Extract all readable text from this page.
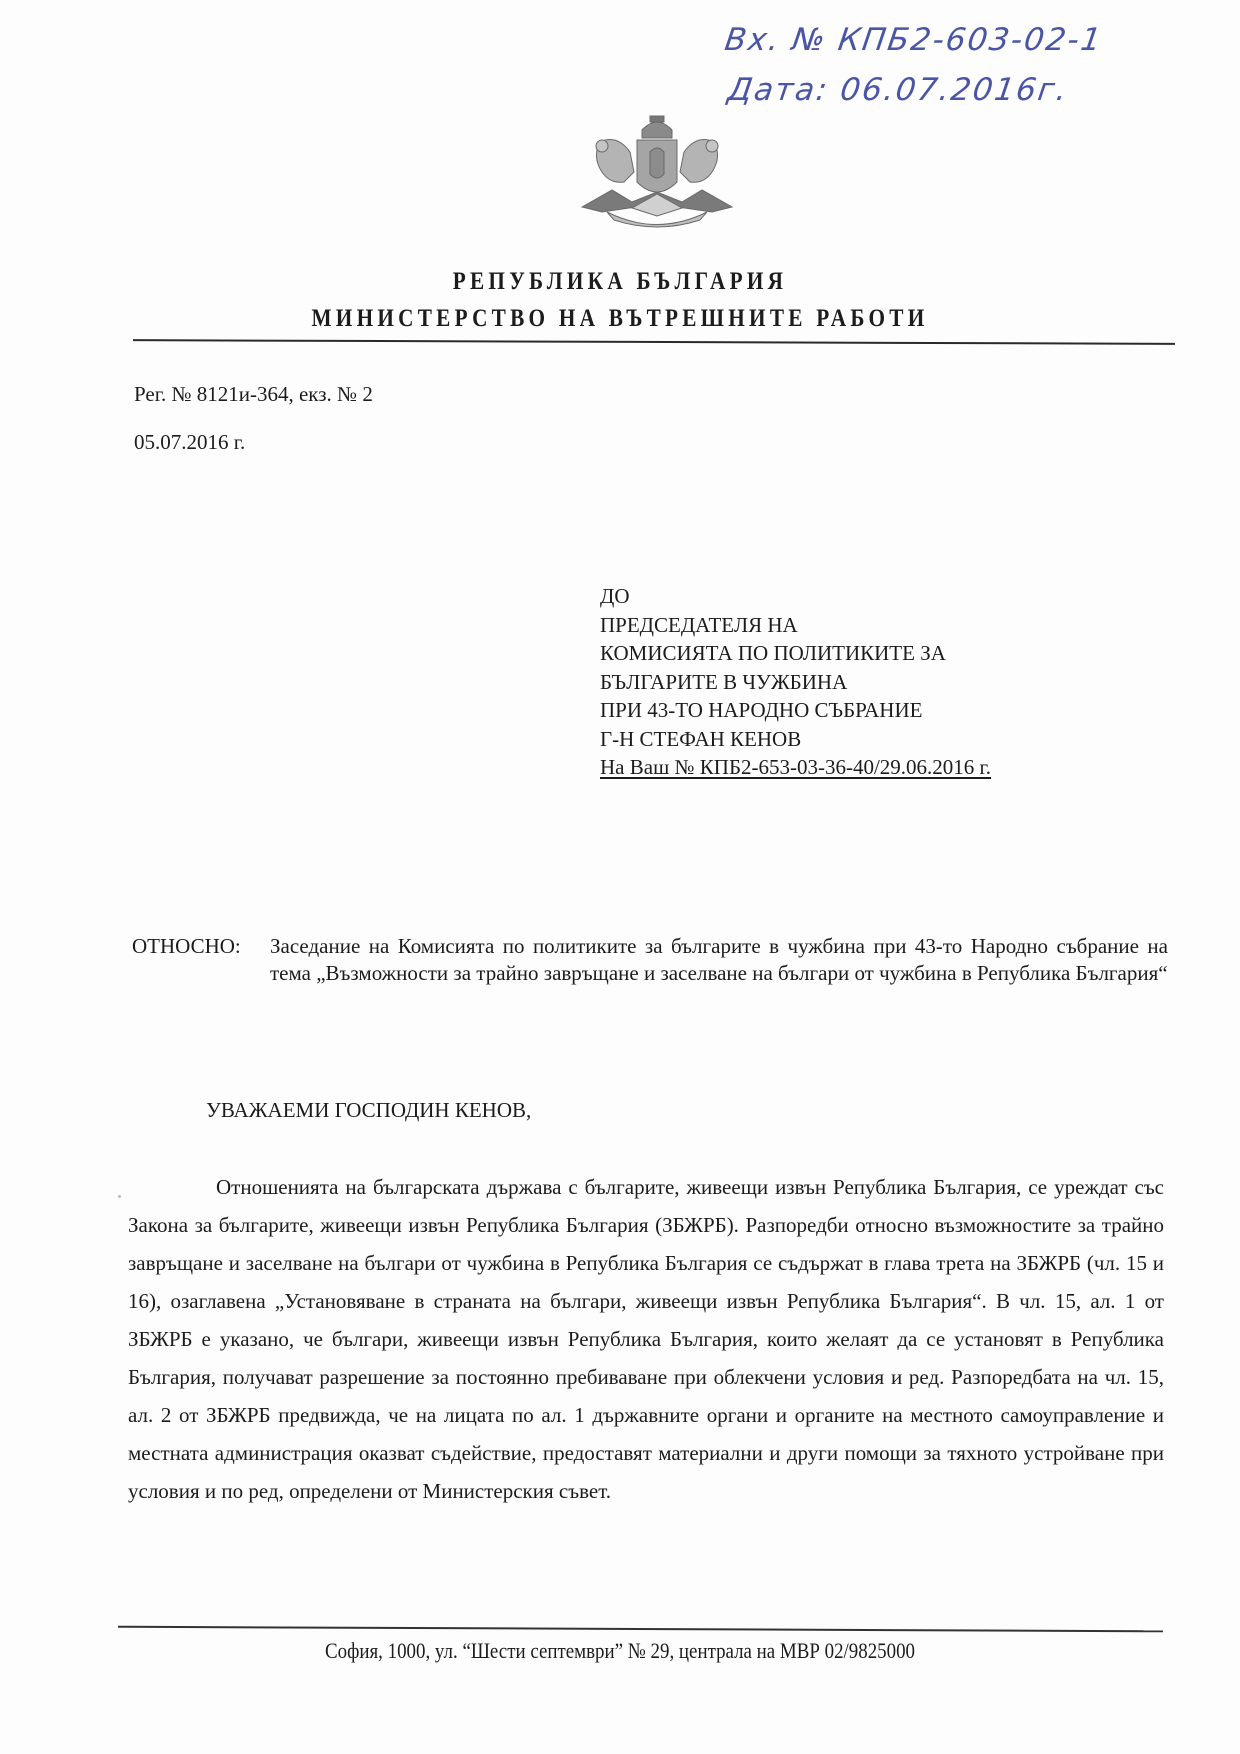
Вх. № КПБ2-603-02-1
Дата: 06.07.2016г.
РЕПУБЛИКА БЪЛГАРИЯ
МИНИСТЕРСТВО НА ВЪТРЕШНИТЕ РАБОТИ
Рег. № 8121и-364, екз. № 2
05.07.2016 г.
ДО
ПРЕДСЕДАТЕЛЯ НА
КОМИСИЯТА ПО ПОЛИТИКИТЕ ЗА
БЪЛГАРИТЕ В ЧУЖБИНА
ПРИ 43-ТО НАРОДНО СЪБРАНИЕ
Г-Н СТЕФАН КЕНОВ
На Ваш № КПБ2-653-03-36-40/29.06.2016 г.
ОТНОСНО: Заседание на Комисията по политиките за българите в чужбина при 43-то Народно събрание на тема „Възможности за трайно завръщане и заселване на българи от чужбина в Република България“
УВАЖАЕМИ ГОСПОДИН КЕНОВ,
Отношенията на българската държава с българите, живеещи извън Република България, се уреждат със Закона за българите, живеещи извън Република България (ЗБЖРБ). Разпоредби относно възможностите за трайно завръщане и заселване на българи от чужбина в Република България се съдържат в глава трета на ЗБЖРБ (чл. 15 и 16), озаглавена „Установяване в страната на българи, живеещи извън Република България“. В чл. 15, ал. 1 от ЗБЖРБ е указано, че българи, живеещи извън Република България, които желаят да се установят в Република България, получават разрешение за постоянно пребиваване при облекчени условия и ред. Разпоредбата на чл. 15, ал. 2 от ЗБЖРБ предвижда, че на лицата по ал. 1 държавните органи и органите на местното самоуправление и местната администрация оказват съдействие, предоставят материални и други помощи за тяхното устройване при условия и по ред, определени от Министерския съвет.
София, 1000, ул. “Шести септември” № 29, централа на МВР 02/9825000
